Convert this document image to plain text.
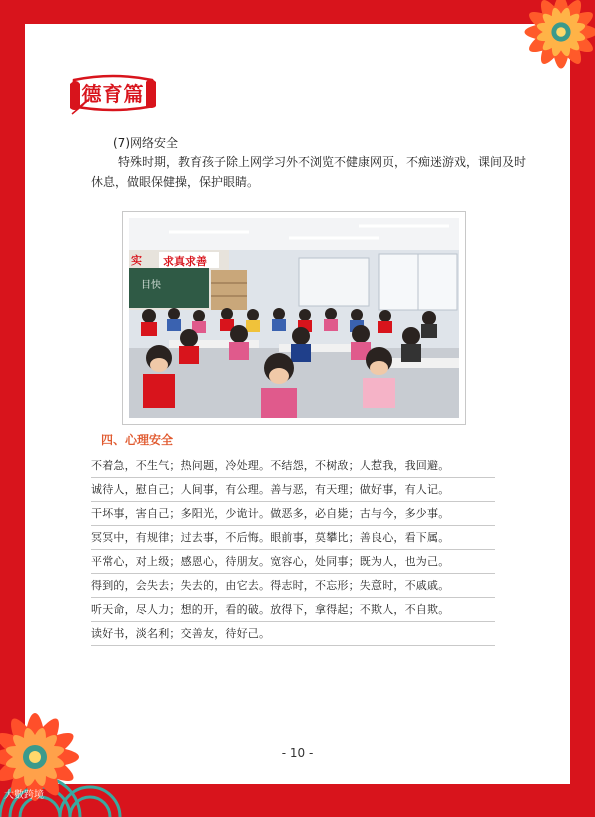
德育篇
(7)网络安全
特殊时期，教育孩子除上网学习外不浏览不健康网页，不痴迷游戏，课间及时休息，做眼保健操，保护眼睛。
实 求真求善
目快
四、心理安全
不着急，不生气；热问题，冷处理。不结怨，不树敌；人惹我，我回避。
诚待人，慰自己；人间事，有公理。善与恶，有天理；做好事，有人记。
干坏事，害自己；多阳光，少诡计。做恶多，必自毙；古与今，多少事。
冥冥中，有规律；过去事，不后悔。眼前事，莫攀比；善良心，看下属。
平常心，对上级；感恩心，待朋友。宽容心，处同事；既为人，也为己。
得到的，会失去；失去的，由它去。得志时，不忘形；失意时，不戚戚。
听天命，尽人力；想的开，看的破。放得下，拿得起；不欺人，不自欺。
读好书，淡名利；交善友，待好己。
- 10 -
大數跨境
